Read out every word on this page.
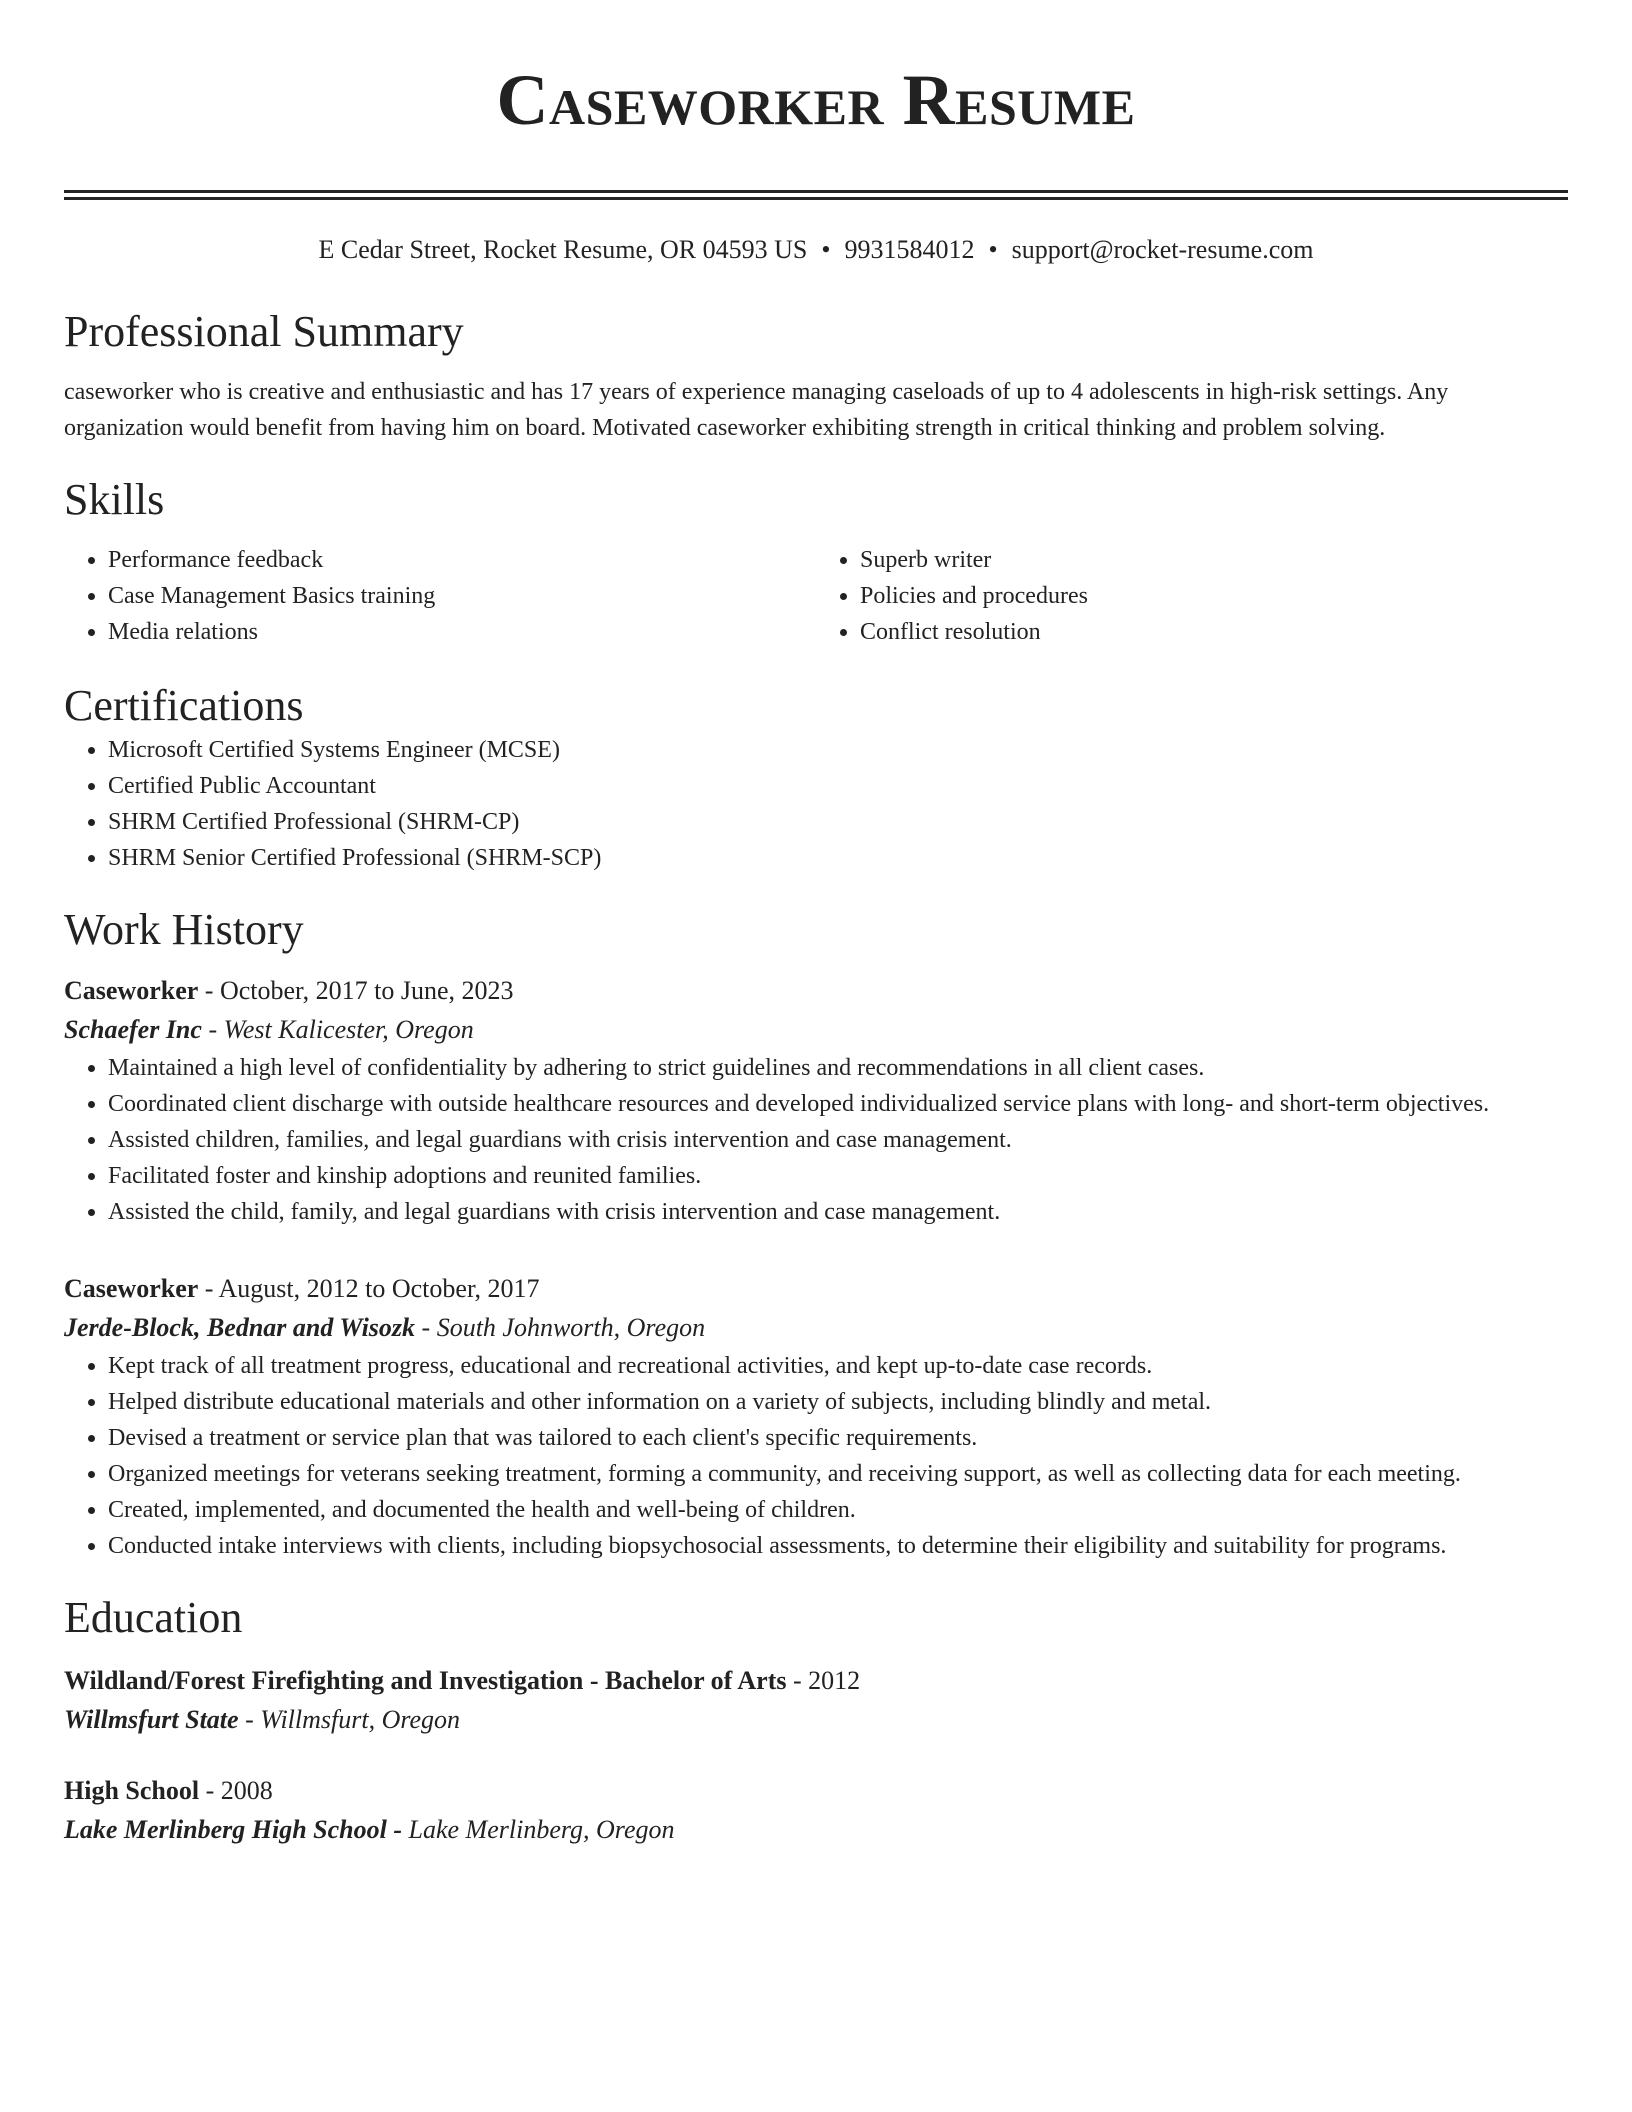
Caseworker Resume
E Cedar Street, Rocket Resume, OR 04593 US • 9931584012 • support@rocket-resume.com
Professional Summary

caseworker who is creative and enthusiastic and has 17 years of experience managing caseloads of up to 4 adolescents in high-risk settings. Any organization would benefit from having him on board. Motivated caseworker exhibiting strength in critical thinking and problem solving.

Skills
• Performance feedback
• Case Management Basics training
• Media relations
• Superb writer
• Policies and procedures
• Conflict resolution
Certifications
• Microsoft Certified Systems Engineer (MCSE)
• Certified Public Accountant
• SHRM Certified Professional (SHRM-CP)
• SHRM Senior Certified Professional (SHRM-SCP)
Work History
Caseworker - October, 2017 to June, 2023
Schaefer Inc - West Kalicester, Oregon
• Maintained a high level of confidentiality by adhering to strict guidelines and recommendations in all client cases.
• Coordinated client discharge with outside healthcare resources and developed individualized service plans with long- and short-term objectives.
• Assisted children, families, and legal guardians with crisis intervention and case management.
• Facilitated foster and kinship adoptions and reunited families.
• Assisted the child, family, and legal guardians with crisis intervention and case management.
Caseworker - August, 2012 to October, 2017
Jerde-Block, Bednar and Wisozk - South Johnworth, Oregon
• Kept track of all treatment progress, educational and recreational activities, and kept up-to-date case records.
• Helped distribute educational materials and other information on a variety of subjects, including blindly and metal.
• Devised a treatment or service plan that was tailored to each client's specific requirements.
• Organized meetings for veterans seeking treatment, forming a community, and receiving support, as well as collecting data for each meeting.
• Created, implemented, and documented the health and well-being of children.
• Conducted intake interviews with clients, including biopsychosocial assessments, to determine their eligibility and suitability for programs.
Education
Wildland/Forest Firefighting and Investigation - Bachelor of Arts - 2012
Willmsfurt State - Willmsfurt, Oregon
High School - 2008
Lake Merlinberg High School - Lake Merlinberg, Oregon
